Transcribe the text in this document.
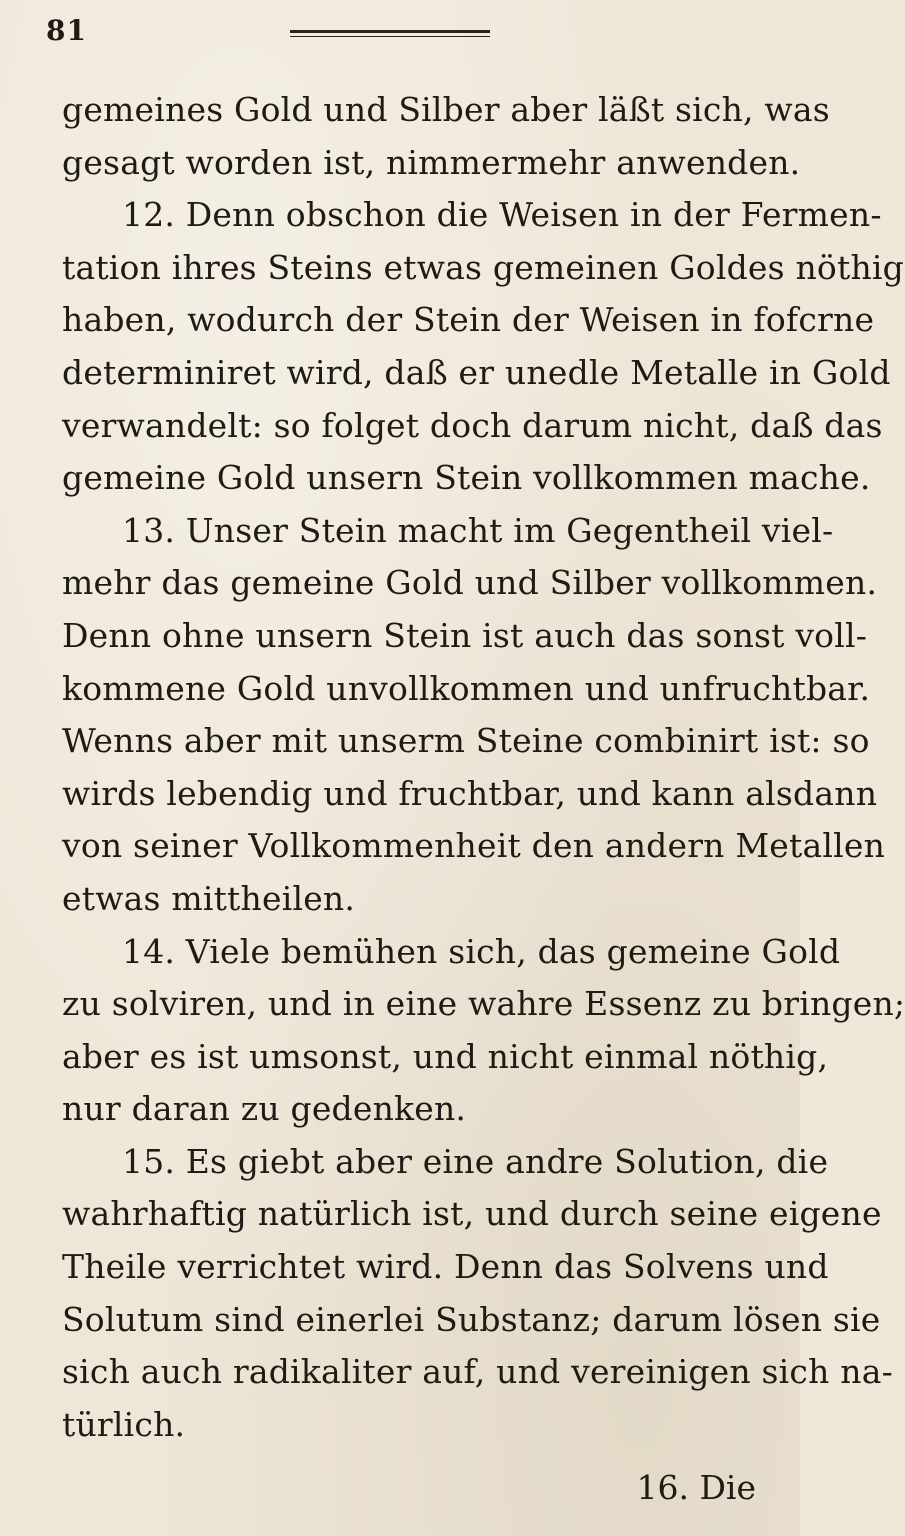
81
gemeines Gold und Silber aber läßt sich, was
gesagt worden ist, nimmermehr anwenden.
12. Denn obschon die Weisen in der Fermen-
tation ihres Steins etwas gemeinen Goldes nöthig
haben, wodurch der Stein der Weisen in fofcrne
determiniret wird, daß er unedle Metalle in Gold
verwandelt: so folget doch darum nicht, daß das
gemeine Gold unsern Stein vollkommen mache.
13. Unser Stein macht im Gegentheil viel-
mehr das gemeine Gold und Silber vollkommen.
Denn ohne unsern Stein ist auch das sonst voll-
kommene Gold unvollkommen und unfruchtbar.
Wenns aber mit unserm Steine combinirt ist: so
wirds lebendig und fruchtbar, und kann alsdann
von seiner Vollkommenheit den andern Metallen
etwas mittheilen.
14. Viele bemühen sich, das gemeine Gold
zu solviren, und in eine wahre Essenz zu bringen;
aber es ist umsonst, und nicht einmal nöthig,
nur daran zu gedenken.
15. Es giebt aber eine andre Solution, die
wahrhaftig natürlich ist, und durch seine eigene
Theile verrichtet wird. Denn das Solvens und
Solutum sind einerlei Substanz; darum lösen sie
sich auch radikaliter auf, und vereinigen sich na-
türlich.
16. Die
